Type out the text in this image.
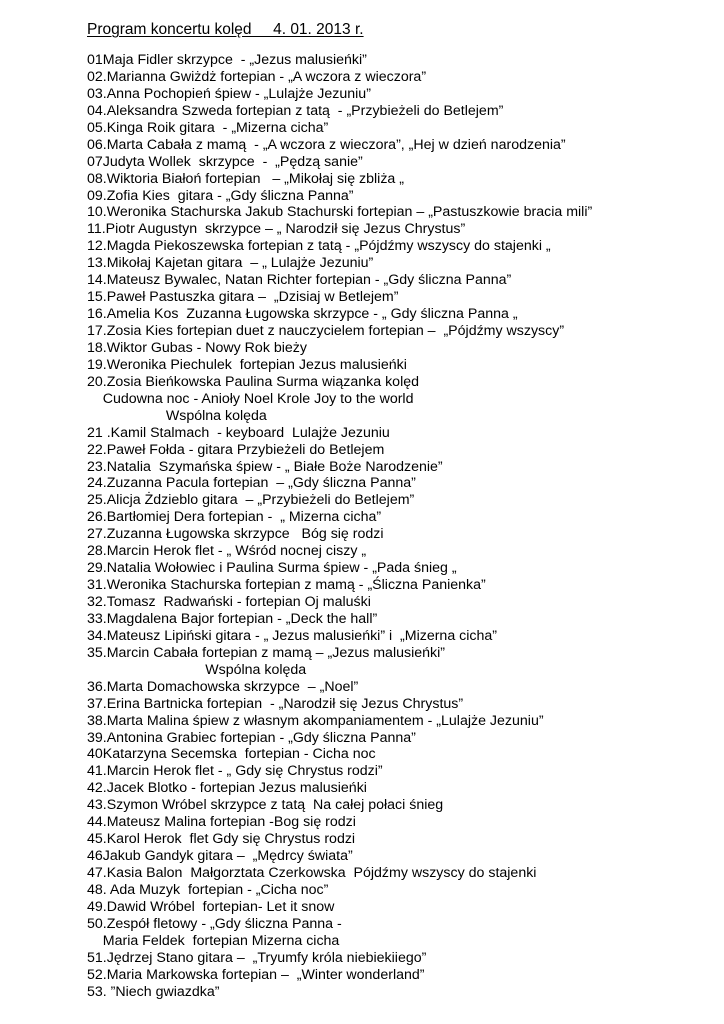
Program koncertu kolęd     4. 01. 2013 r.
01Maja Fidler skrzypce  - „Jezus malusieńki”
02.Marianna Gwiżdż fortepian - „A wczora z wieczora”
03.Anna Pochopień śpiew - „Lulajże Jezuniu”
04.Aleksandra Szweda fortepian z tatą  - „Przybieżeli do Betlejem”
05.Kinga Roik gitara  - „Mizerna cicha”
06.Marta Cabała z mamą  - „A wczora z wieczora”, „Hej w dzień narodzenia”
07Judyta Wollek  skrzypce  -  „Pędzą sanie”
08.Wiktoria Białoń fortepian   – „Mikołaj się zbliża „
09.Zofia Kies  gitara - „Gdy śliczna Panna”
10.Weronika Stachurska Jakub Stachurski fortepian – „Pastuszkowie bracia mili”
11.Piotr Augustyn  skrzypce – „ Narodził się Jezus Chrystus”
12.Magda Piekoszewska fortepian z tatą - „Pójdźmy wszyscy do stajenki „
13.Mikołaj Kajetan gitara  – „ Lulajże Jezuniu”
14.Mateusz Bywalec, Natan Richter fortepian - „Gdy śliczna Panna”
15.Paweł Pastuszka gitara –  „Dzisiaj w Betlejem”
16.Amelia Kos  Zuzanna Ługowska skrzypce - „ Gdy śliczna Panna „
17.Zosia Kies fortepian duet z nauczycielem fortepian –  „Pójdźmy wszyscy”
18.Wiktor Gubas - Nowy Rok bieży
19.Weronika Piechulek  fortepian Jezus malusieńki
20.Zosia Bieńkowska Paulina Surma wiązanka kolęd
Cudowna noc - Anioły Noel Krole Joy to the world
Wspólna kolęda
21 .Kamil Stalmach  - keyboard  Lulajże Jezuniu
22.Paweł Fołda - gitara Przybieżeli do Betlejem
23.Natalia  Szymańska śpiew - „ Białe Boże Narodzenie”
24.Zuzanna Paculа fortepian  – „Gdy śliczna Panna”
25.Alicja Żdzieblo gitara  – „Przybieżeli do Betlejem”
26.Bartłomiej Dera fortepian -  „ Mizerna cicha”
27.Zuzanna Ługowska skrzypce   Bóg się rodzi
28.Marcin Herok flet - „ Wśród nocnej ciszy „
29.Natalia Wołowiec i Paulina Surma śpiew - „Pada śnieg „
31.Weronika Stachurska fortepian z mamą - „Śliczna Panienka”
32.Tomasz  Radwański - fortepian Oj maluśki
33.Magdalena Bajor fortepian - „Deck the hall”
34.Mateusz Lipiński gitara - „ Jezus malusieńki” i  „Mizerna cicha”
35.Marcin Cabała fortepian z mamą – „Jezus malusieńki”
Wspólna kolęda
36.Marta Domachowska skrzypce  – „Noel”
37.Erina Bartnicka fortepian  - „Narodził się Jezus Chrystus”
38.Marta Malina śpiew z własnym akompaniamentem - „Lulajże Jezuniu”
39.Antonina Grabiec fortepian - „Gdy śliczna Panna”
40Katarzyna Secemska  fortepian - Cicha noc
41.Marcin Herok flet - „ Gdy się Chrystus rodzi”
42.Jacek Blotko - fortepian Jezus malusieńki
43.Szymon Wróbel skrzypce z tatą  Na całej połaci śnieg
44.Mateusz Malina fortepian -Bog się rodzi
45.Karol Herok  flet Gdy się Chrystus rodzi
46Jakub Gandyk gitara –  „Mędrcy świata”
47.Kasia Balon  Małgorztata Czerkowska  Pójdźmy wszyscy do stajenki
48. Ada Muzyk  fortepian - „Cicha noc”
49.Dawid Wróbel  fortepian- Let it snow
50.Zespół fletowy - „Gdy śliczna Panna -
Maria Feldek  fortepian Mizerna cicha
51.Jędrzej Stano gitara –  „Tryumfy króla niebiekiiego”
52.Maria Markowska fortepian –  „Winter wonderland”
53. ”Niech gwiazdka”
